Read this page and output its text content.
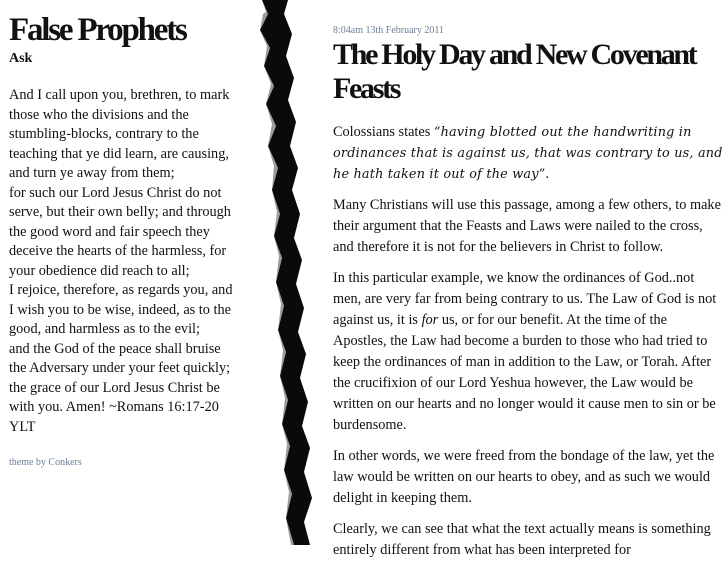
False Prophets
Ask

And I call upon you, brethren, to mark

those who the divisions and the

stumbling-blocks, contrary to the

teaching that ye did learn, are causing,

and turn ye away from them;

for such our Lord Jesus Christ do not

serve, but their own belly; and through

the good word and fair speech they

deceive the hearts of the harmless, for

your obedience did reach to all;

I rejoice, therefore, as regards you, and

I wish you to be wise, indeed, as to the

good, and harmless as to the evil;

and the God of the peace shall bruise

the Adversary under your feet quickly;

the grace of our Lord Jesus Christ be

with you. Amen! ~Romans 16:17-20

YLT

theme by Conkers
8:04am 13th February 2011
The Holy Day and New Covenant Feasts

Colossians states “having blotted out the handwriting in ordinances that is against us, that was contrary to us, and he hath taken it out of the way”.

Many Christians will use this passage, among a few others, to make their argument that the Feasts and Laws were nailed to the cross, and therefore it is not for the believers in Christ to follow.

In this particular example, we know the ordinances of God..not men, are very far from being contrary to us. The Law of God is not against us, it is for us, or for our benefit. At the time of the Apostles, the Law had become a burden to those who had tried to keep the ordinances of man in addition to the Law, or Torah. After the crucifixion of our Lord Yeshua however, the Law would be written on our hearts and no longer would it cause men to sin or be burdensome.

In other words, we were freed from the bondage of the law, yet the law would be written on our hearts to obey, and as such we would delight in keeping them.

Clearly, we can see that what the text actually means is something entirely different from what has been interpreted for
